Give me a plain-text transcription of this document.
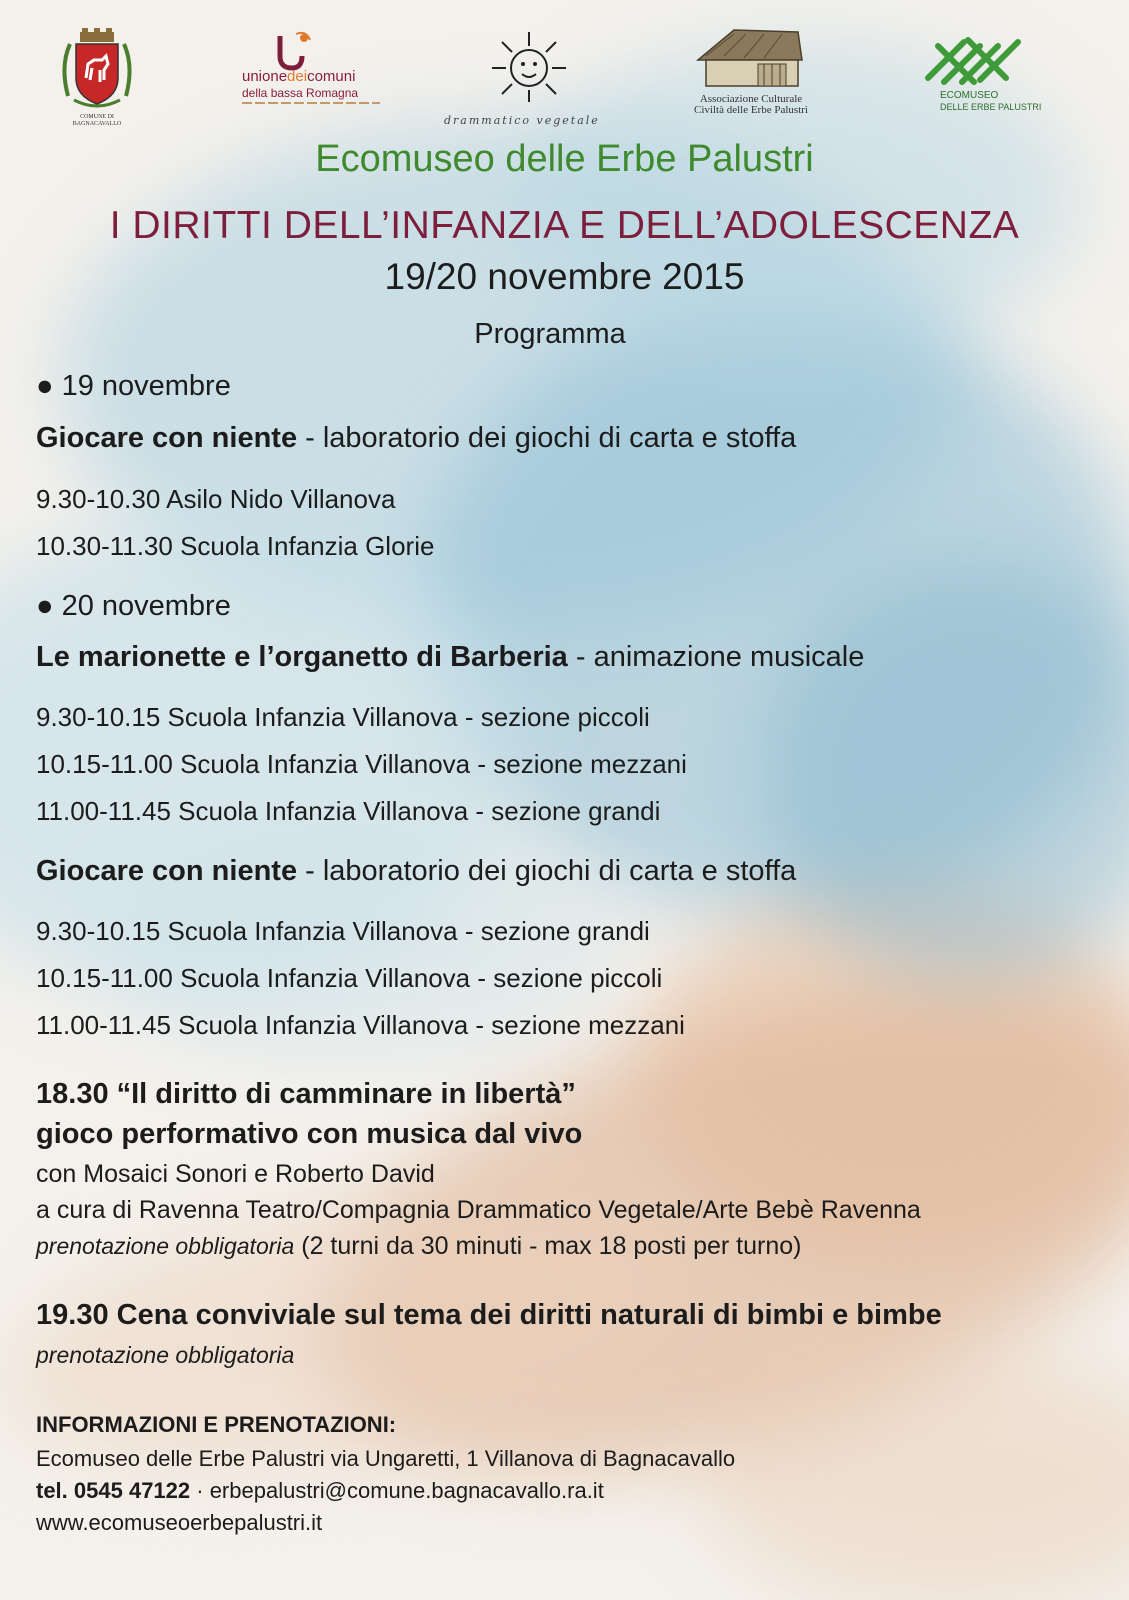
COMUNE DI
BAGNACAVALLO
unionedeicomuni
della bassa Romagna
drammatico vegetale
Associazione Culturale
Civiltà delle Erbe Palustri
ECOMUSEO
DELLE ERBE PALUSTRI
Ecomuseo delle Erbe Palustri
I DIRITTI DELL’INFANZIA E DELL’ADOLESCENZA
19/20 novembre 2015
Programma
● 19 novembre
Giocare con niente - laboratorio dei giochi di carta e stoffa
9.30-10.30 Asilo Nido Villanova
10.30-11.30 Scuola Infanzia Glorie
● 20 novembre
Le marionette e l’organetto di Barberia - animazione musicale
9.30-10.15 Scuola Infanzia Villanova - sezione piccoli
10.15-11.00 Scuola Infanzia Villanova - sezione mezzani
11.00-11.45 Scuola Infanzia Villanova - sezione grandi
Giocare con niente - laboratorio dei giochi di carta e stoffa
9.30-10.15 Scuola Infanzia Villanova - sezione grandi
10.15-11.00 Scuola Infanzia Villanova - sezione piccoli
11.00-11.45 Scuola Infanzia Villanova - sezione mezzani
18.30 “Il diritto di camminare in libertà”
gioco performativo con musica dal vivo
con Mosaici Sonori e Roberto David
a cura di Ravenna Teatro/Compagnia Drammatico Vegetale/Arte Bebè Ravenna
prenotazione obbligatoria (2 turni da 30 minuti - max 18 posti per turno)
19.30 Cena conviviale sul tema dei diritti naturali di bimbi e bimbe
prenotazione obbligatoria
INFORMAZIONI E PRENOTAZIONI:
Ecomuseo delle Erbe Palustri via Ungaretti, 1 Villanova di Bagnacavallo
tel. 0545 47122 · erbepalustri@comune.bagnacavallo.ra.it
www.ecomuseoerbepalustri.it
